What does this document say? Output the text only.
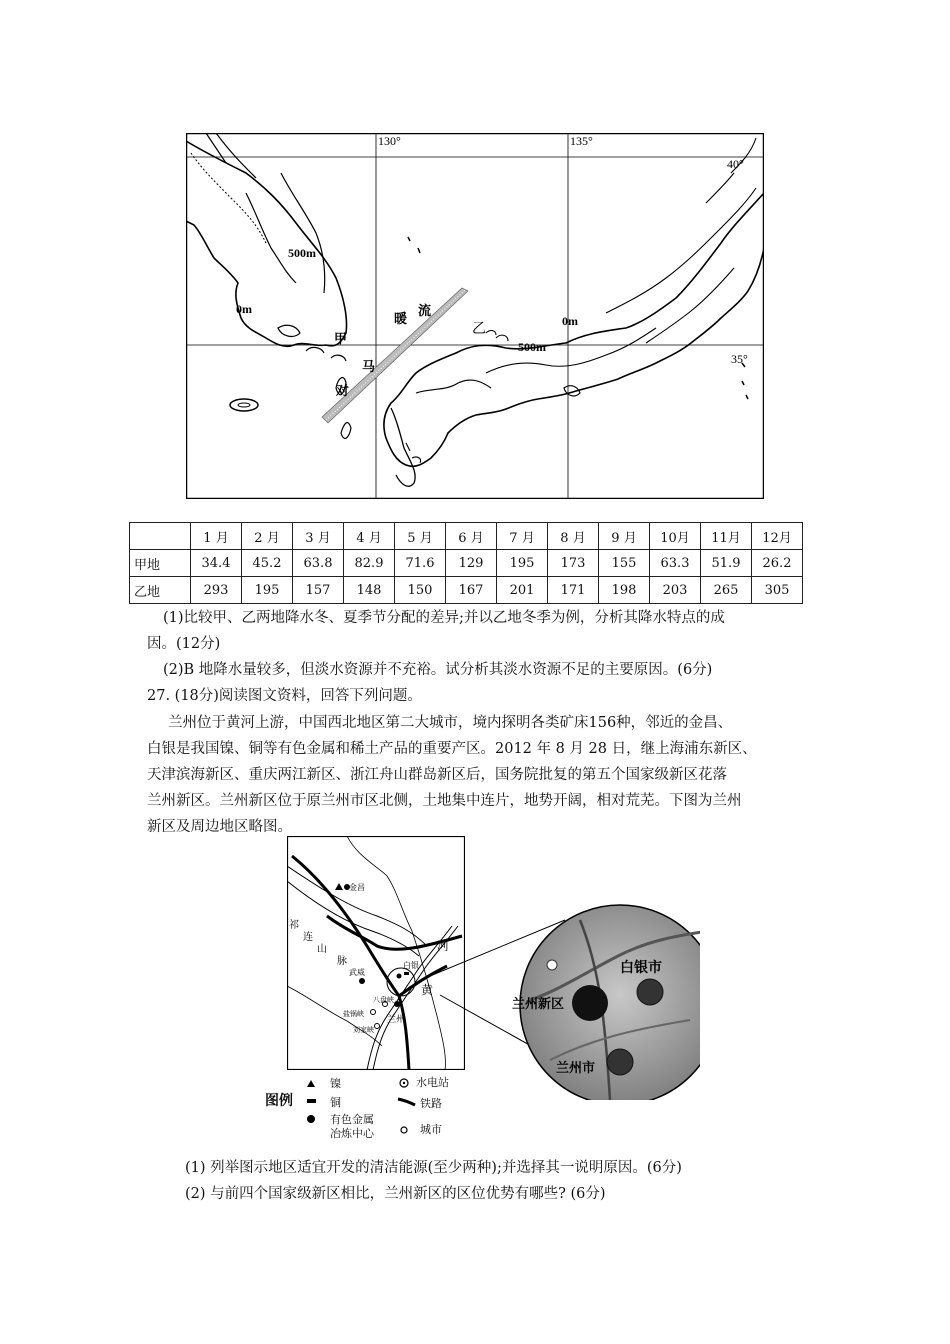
130°	135°
40°
35°
500m
0m
0m
500m
甲
乙
暖
流
对
马
	1 月	2 月	3 月	4 月	5 月	6 月	7 月	8 月	9 月	10月	11月	12月
甲地	34.4	45.2	63.8	82.9	71.6	129	195	173	155	63.3	51.9	26.2
乙地	293	195	157	148	150	167	201	171	198	203	265	305
(1)比较甲、乙两地降水冬、夏季节分配的差异;并以乙地冬季为例，分析其降水特点的成
因。(12分)
(2)B 地降水量较多，但淡水资源并不充裕。试分析其淡水资源不足的主要原因。(6分)
27. (18分)阅读图文资料，回答下列问题。
兰州位于黄河上游，中国西北地区第二大城市，境内探明各类矿床156种，邻近的金昌、
白银是我国镍、铜等有色金属和稀土产品的重要产区。2012 年 8 月 28 日，继上海浦东新区、
天津滨海新区、重庆两江新区、浙江舟山群岛新区后，国务院批复的第五个国家级新区花落
兰州新区。兰州新区位于原兰州市区北侧，土地集中连片，地势开阔，相对荒芜。下图为兰州
新区及周边地区略图。
金昌
祁
连
山
脉
武威
白银
八盘峡
盐锅峡	兰州
刘家峡
河
黄
白银市
兰州新区
兰州市
图例
镍
铜
有色金属
冶炼中心
水电站
铁路
城市
(1) 列举图示地区适宜开发的清洁能源(至少两种);并选择其一说明原因。(6分)
(2) 与前四个国家级新区相比，兰州新区的区位优势有哪些? (6分)
